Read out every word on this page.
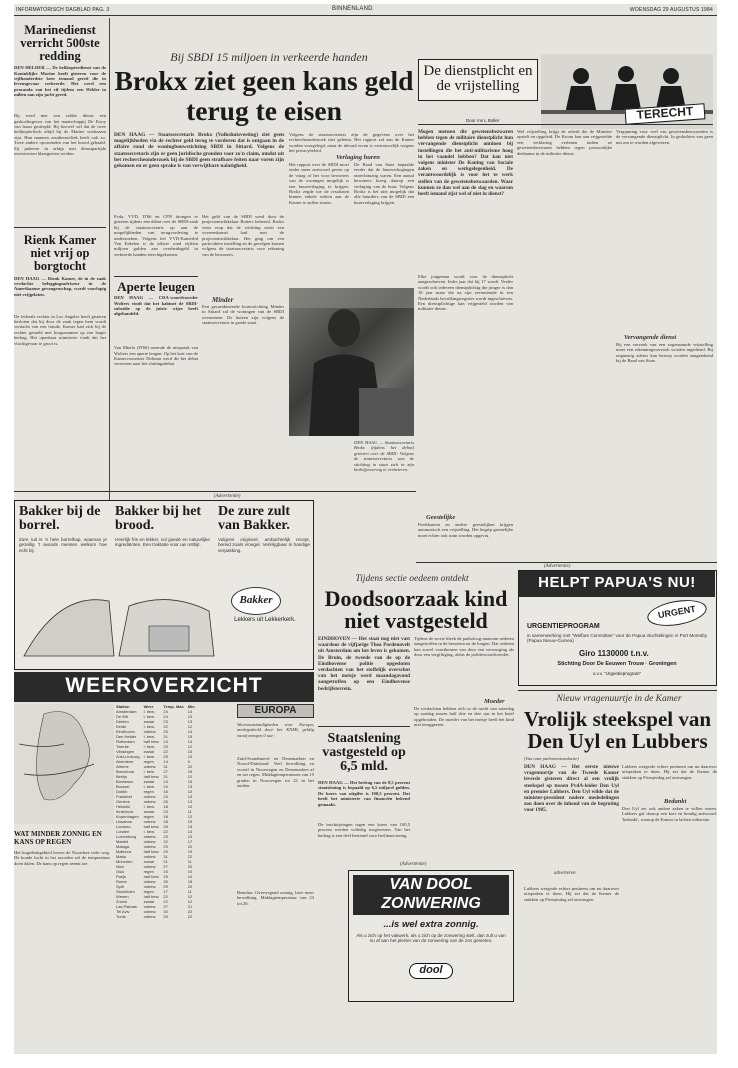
INFORMATORISCH DAGBLAD PAG. 3	BINNENLAND	WOENSDAG 29 AUGUSTUS 1984
Marinedienst verricht 500ste redding
DEN HELDER — De helikopterdienst van de Koninklijke Marine heeft gisteren voor de vijfhonderdste keer iemand gered die in levensgevaar verkeerde. Het werd een pracanda van het rif tijdens een Helder in milieu aan zijn jacht gered.
Bij werd met een soldat dienst een gaskoelingvoor van het maatschappij De Kooy van haast gestiepld. Bij hoewel wil dat de twee helikopterfisch altijd bij de Marine werkzaam zijn. Hun mannen zoudienstvliek heeft ook zo. Twee andere opvarenden van het boord gehaald. Zij puberen in arbijp met dienstpartijde zwemvesten klaargezien werden.
Rienk Kamer niet vrij op borgtocht
DEN HAAG — Rienk Kamer, de in de zaak verdachte beleggingsadviseur in de Amerikaanse gevangenschap, wordt voorlopig niet vrijgelaten.
De federale rechter in Los Angeles heeft gisteren besloten dat hij door de zaak tegen hem wordt verdacht van een fraude. Kamer had zich bij de rechter gemeld met borgsommen op een hoger bedrag. Het openbaar ministerie vindt dat het vluchtgevaar te groot is.
Bij SBDI 15 miljoen in verkeerde handen
Brokx ziet geen kans geld terug te eisen
DEN HAAG — Staatssecretaris Brokx (Volkshuisvesting) ziet geen mogelijkheden via de rechter geld terug te vorderen dat is ontgaan in de affaire rond de woningbouwstichting SBDI in Sittard. Volgens de staatssecretaris zijn er geen juridische gronden voor zo'n claim, omdat uit het rechercheonderzoek bij de SBDI geen strafbare feiten naar voren zijn gekomen en er geen sprake is van verwijtbare nalatigheid.
Pvda, VVD, D'66 en CPN drongen er gisteren tijdens een debat over de SBDI-zaak bij de staatssecretaris op aan de mogelijkheden van terugvordering te onderzoeken. Volgens het VVD-Kamerlid Van Eekelen is de affaire rond vijftien miljoen gulden aan overheidsgeld in verkeerde handen terechtgekomen.
Het geld van de SBDI werd door de projectontwikkelaar Rutters beheerd. Brokx wees erop dat de stichting nooit een overeenkomst had met de projectontwikkelaar. Het ging om een particuliere instelling en de gevolgen komen volgens de staatssecretaris voor rekening van de bewoners.
Volgens de staatssecretaris zijn de gegevens over het rechercheonderzoek niet geheim. Het rapport zal aan de Kamer worden voorgelegd, maar de inhoud ervan is vertrouwelijk wegens het privacybeleid.
Verlaging huren
Het rapport over de SBDI moet onder meer antwoord geven op de vraag of het voor bewoners van de woningen mogelijk is een huurverlaging te krijgen. Brokx zegde toe de resultaten binnen enkele weken aan de Kamer te zullen sturen.
De Raad van State bepaalde eerder dat de huurverhogingen onrechtmatig waren. Een aantal bewoners kreeg daarop een verlaging van de huur. Volgens Brokx is het niet mogelijk dat alle huurders van de SBDI een huurverlaging krijgen.
Aperte leugen
DEN HAAG — CDA-woordvoerder Wolters vindt dat het kabinet de SBDI-subsidie op de juiste wijze heeft afgehandeld.
Van Mierlo (D'66) noemde de uitspraak van Wolters een aperte leugen. Op het kort van de Kamervoorzitter Dolman werd dit het debat verwezen naar het sluitingsdebat.
Minder
Een gecombineerde bouwstichting Minder in Sittard zal de woningen van de SBDI overnemen. De huizen zijn volgens de staatssecretaris in goede staat.
DEN HAAG — Staatssecretaris Brokx (tijdens het debat) gisteren over de SBDI: Volgens de staatssecretaris was de stichting in staat zich in zijn bedrijfsvoering te verbeteren.
(Advertentie)
De dienstplicht en
de vrijstelling
TERECHT
Door ms L Boller
Mogen mensen die gewetensbezwaren hebben tegen de militaire dienstplicht hun vervangende dienstplicht ontdoen bij instellingen die het anti-militarisme hoog in het vaandel hebben? Dat kan niet volgens minister De Koning van Sociale zaken en werkgelegenheid. De verantwoordelijk is voor het te werk stellen van de gewetensbezwaarden. Waar kunnen ze dan wel aan de slag en waarom heeft iemand zijst wel of niet in dienst?
Elke jongeman wordt voor de dienstplicht aangeschreven. Ieder jaar dat hij 17 wordt. Verder wordt ook iedereen dienstplichtig die jonger is dan 18 jaar maar die na zijn zeventiende in een Nederlands bevolkingsregister wordt ingeschreven. Een dienstplichtige kan vrijgesteld worden van militaire dienst.
Geestelijke
Predikanten en andere geestelijken krijgen automatisch een vrijstelling. Het begrip geestelijke moet echter ook ruim worden opgevat.
Wel vrijstelling krijgt de arbeid die de Minister opstelt en opgeleid. De Kroon kan aan vrijgestelde een verklaring verlenen indien ze gewetensbezwaren hebben tegen persoonlijke deelname in de militaire dienst.
Vergunning voor veel van gewetensbezwaarden is de vervangende dienstplicht. In gedachten van geen nut om te worden afgewezen.
Vervangende dienst
Bij een verzoek van een zogenaamde vrijstelling moet een erkenningsverzoek worden ingediend. Bij ongunstig advies kan beroep worden aangetekend bij de Raad van State.
(Advertentie)
Bakker bij de borrel.
Zure ruit is 'n hele borrelhap, waarvan je gezellig 't avonds mensen welkom hoe echt bij.
Bakker bij het brood.
Heerlijk fris en lekker, vol goede en natuurlijke ingrediënten. Een traktatie voor uw ontbijt.
De zure zult van Bakker.
Volgens origineel, ambachtelijk recept, bereid zoals vroeger. Verkrijgbaar in handige verpakking.
Bakker
Lekkers uit Lekkerkerk.
WEEROVERZICHT
WAT MINDER ZONNIG EN KANS OP REGEN
Het hogedrukgebied boven de Noordzee trekt weg. De koude lucht in het noorden zal de temperatuur doen dalen. De kans op regen neemt toe.
Station	Weer	Temp. Max	Min
Amsterdam	l. bew.	24	14
De Bilt	l. bew.	24	13
Deelen	zwaar	23	13
Eelde	l. bew.	22	12
Eindhoven	onbew.	25	14
Den Helder	l. bew.	21	15
Rotterdam	half bew.	24	14
Twente	l. bew.	23	12
Vlissingen	zwaar	22	15
Zuid-Limburg	l. bew.	25	13
Aberdeen	regen	14	9
Athene	onbew.	31	22
Barcelona	l. bew.	27	19
Berlijn	half bew.	21	12
Bordeaux	zwaar	24	15
Brussel	l. bew.	24	13
Dublin	regen	16	10
Frankfort	onbew.	24	13
Genève	onbew.	26	13
Helsinki	l. bew.	18	10
Innsbruck	zwaar	23	11
Kopenhagen	regen	18	12
Lissabon	onbew.	28	19
Locarno	half bew.	26	15
Londen	l. bew.	22	13
Luxemburg	onbew.	23	13
Madrid	onbew.	32	17
Malaga	onbew.	29	20
Mallorca	half bew.	29	19
Malta	onbew.	31	22
München	zwaar	21	11
Nice	onbew.	27	20
Oslo	regen	15	10
Parijs	half bew.	25	14
Rome	onbew.	30	18
Split	onbew.	29	20
Stockholm	regen	17	11
Wenen	half bew.	22	12
Zurich	zwaar	22	12
Las Palmas	onbew.	27	21
Tel Aviv	onbew.	30	22
Tunis	onbew.	33	22
EUROPA
Weersomstandigheden voor Europa, medegedeeld door het KNMI, geldig vanaf morgen 0 uur:
Zuid-Scandinavië en Denemarken en Noord-Duitsland: Veel bewolking en vooral in Noorwegen en Denemarken af en toe regen. Middagtemperaturen van 15 graden in Noorwegen tot 22 in het zuiden.
Benelux: Overwegend zonnig, later meer bewolking. Middagtemperatuur van 23 tot 26.
Tijdens sectie oedeem ontdekt
Doodsoorzaak kind niet vastgesteld
EINDHOVEN — Het staat nog niet vast waardoor de vijfjarige Thea Pordenovelt uit Amsterdam om het leven is gekomen. De Bruin, de tweede van de op de Eindhovense politie opgesloten verdachten van het stoffelijk overschot van het meisje werd maandagavond aangetroffen op een Eindhovense bedrijfsterrein.
Tijdens de sectie bleek de patholoog-anatoom oedeem aangetroffen in de hersenen en de longen. Dat oedeem kan zowel voortkomen van door een verwurging als door een vergiftiging, aldus de politiewoordvoerder.
Moeder
De verdachten hebben zich in de nacht van zaterdag op zondag tussen half drie en drie uur in het hotel opgehouden. De moeder van het meisje heeft het kind niet teruggezien.
Staatslening vastgesteld op 6,5 mld.
DEN HAAG — Het bedrag van de 8,5 procent staatslening is bepaald op 6,5 miljard gulden. De koers van uitgifte is 100,5 procent. Dat heeft het ministerie van financiën bekend gemaakt.
De inschrijvingen tegen een koers van 100,5 procent werden volledig toegewezen. Van het bedrag is een deel bestemd voor herfinanciering.
(Advertentie)
VAN DOOL
ZONWERING
...is wel extra zonnig.
Als u zich op het vakwerk, als u zich op de zonwering stelt, dan zult u van nu af aan het plezier van de zonwering van de zon genieten.
dool
adverteren
HELPT PAPUA'S NU!
URGENT
URGENTIEPROGRAM
in samenwerking met "Welfare Committee" voor de Papua vluchtelingen in Port Moresby (Papua Nieuw-Guinea)
Giro 1130000 t.n.v.
Stichting Door De Eeuwen Trouw · Groningen
o.v.v. "Urgentieprogram"
Nieuw vragenuurtje in de Kamer
Vrolijk steekspel van Den Uyl en Lubbers
(Van onze parlementsredactie)
DEN HAAG — Het eerste nieuwe vragenuurtje van de Tweede Kamer leverde gisteren direct al een vrolijk steekspel op tussen PvdA-leider Den Uyl en premier Lubbers. Den Uyl wilde dat de minister-president nadere mededelingen zou doen over de inhoud van de begroting voor 1985.
Lubbers weigerde echter pertinent om nu daarover uitspraken te doen. Hij zei dat de Kamer de stukken op Prinsjesdag zal ontvangen.
Lubbers weigerde echter pertinent om nu daarover uitspraken te doen. Hij zei dat de Kamer de stukken op Prinsjesdag zal ontvangen.
Bedankt
Den Uyl zei ook andere zaken te willen weten. Lubbers gaf daarop een kort en bondig antwoord: 'bedankt', waarop de Kamer in lachen uitbarstte.
